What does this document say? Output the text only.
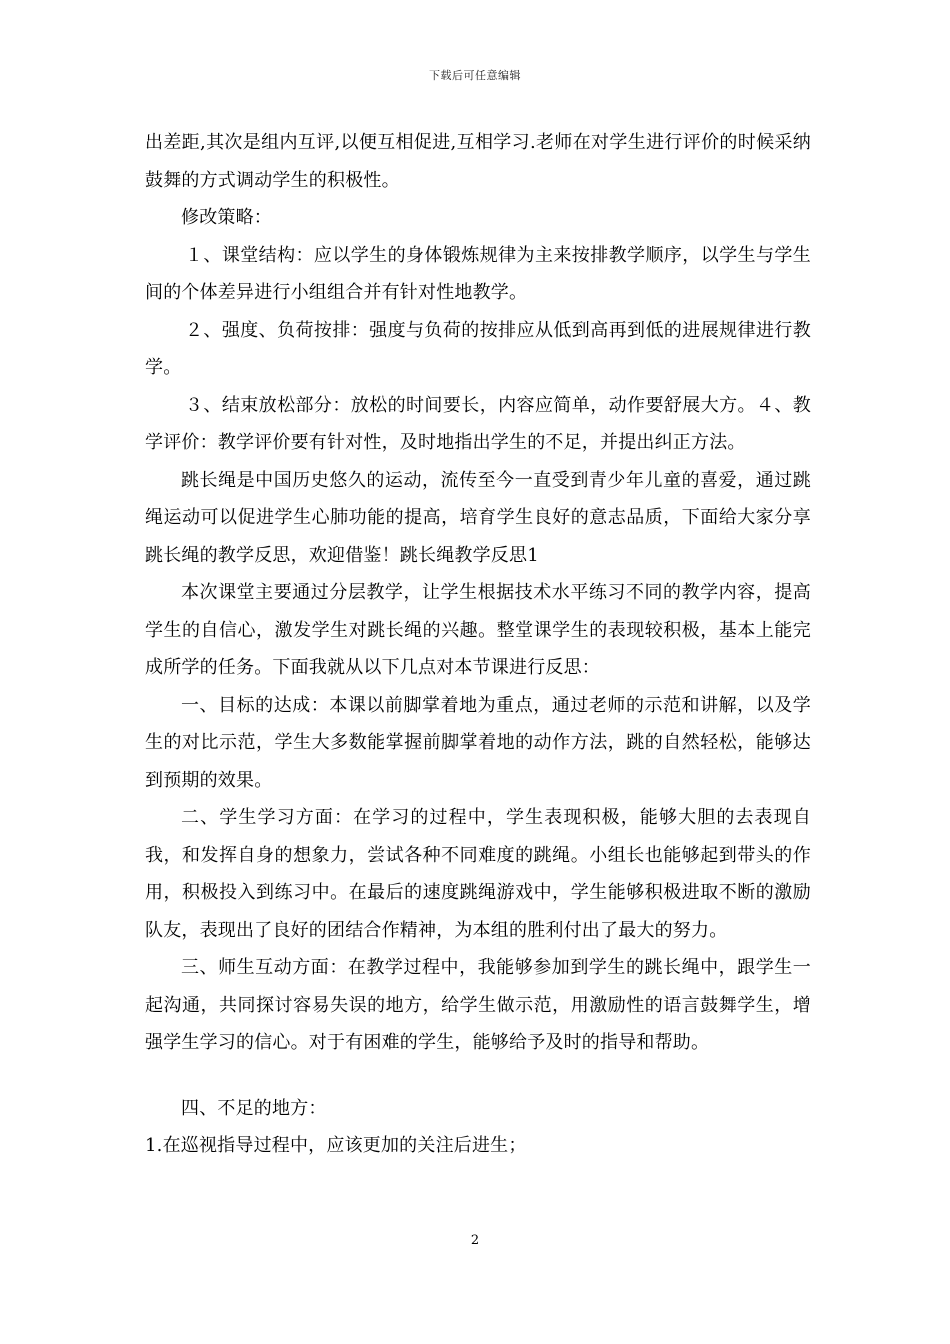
下载后可任意编辑

出差距,其次是组内互评,以便互相促进,互相学习.老师在对学生进行评价的时候采纳鼓舞的方式调动学生的积极性。

修改策略：

１、课堂结构：应以学生的身体锻炼规律为主来按排教学顺序，以学生与学生间的个体差异进行小组组合并有针对性地教学。

２、强度、负荷按排：强度与负荷的按排应从低到高再到低的进展规律进行教学。

３、结束放松部分：放松的时间要长，内容应简单，动作要舒展大方。４、教学评价：教学评价要有针对性，及时地指出学生的不足，并提出纠正方法。

跳长绳是中国历史悠久的运动，流传至今一直受到青少年儿童的喜爱，通过跳绳运动可以促进学生心肺功能的提高，培育学生良好的意志品质，下面给大家分享跳长绳的教学反思，欢迎借鉴！跳长绳教学反思1

本次课堂主要通过分层教学，让学生根据技术水平练习不同的教学内容，提高学生的自信心，激发学生对跳长绳的兴趣。整堂课学生的表现较积极，基本上能完成所学的任务。下面我就从以下几点对本节课进行反思：

一、目标的达成：本课以前脚掌着地为重点，通过老师的示范和讲解，以及学生的对比示范，学生大多数能掌握前脚掌着地的动作方法，跳的自然轻松，能够达到预期的效果。

二、学生学习方面：在学习的过程中，学生表现积极，能够大胆的去表现自我，和发挥自身的想象力，尝试各种不同难度的跳绳。小组长也能够起到带头的作用，积极投入到练习中。在最后的速度跳绳游戏中，学生能够积极进取不断的激励队友，表现出了良好的团结合作精神，为本组的胜利付出了最大的努力。

三、师生互动方面：在教学过程中，我能够参加到学生的跳长绳中，跟学生一起沟通，共同探讨容易失误的地方，给学生做示范，用激励性的语言鼓舞学生，增强学生学习的信心。对于有困难的学生，能够给予及时的指导和帮助。

四、不足的地方：

1.在巡视指导过程中，应该更加的关注后进生；

2
